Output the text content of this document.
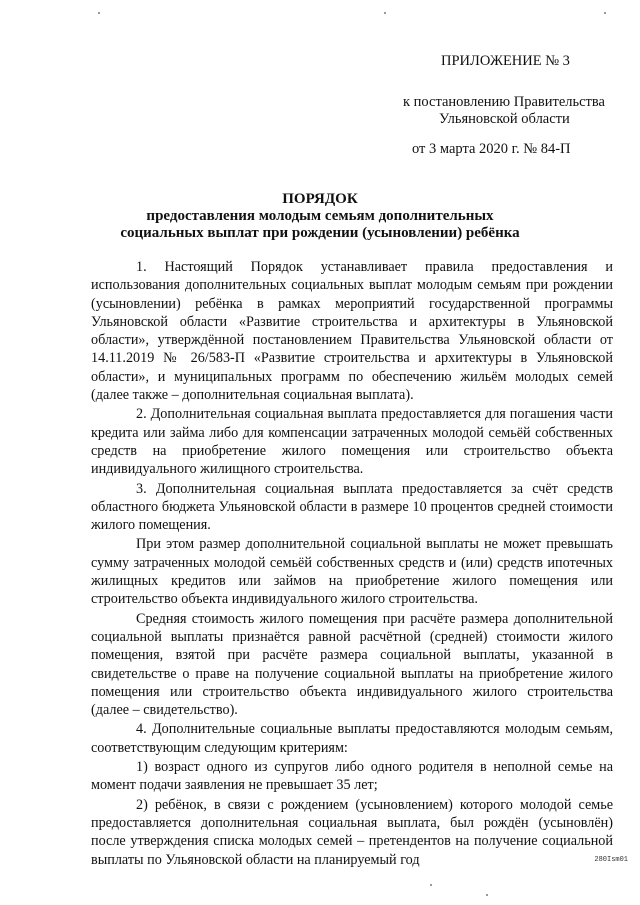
ПРИЛОЖЕНИЕ № 3
к постановлению Правительства
Ульяновской области
от 3 марта 2020 г. № 84-П
ПОРЯДОК
предоставления молодым семьям дополнительных
социальных выплат при рождении (усыновлении) ребёнка

1. Настоящий Порядок устанавливает правила предоставления и использования дополнительных социальных выплат молодым семьям при рождении (усыновлении) ребёнка в рамках мероприятий государственной программы Ульяновской области «Развитие строительства и архитектуры в Ульяновской области», утверждённой постановлением Правительства Ульяновской области от 14.11.2019 № 26/583-П «Развитие строительства и архитектуры в Ульяновской области», и муниципальных программ по обеспечению жильём молодых семей (далее также – дополнительная социальная выплата).

2. Дополнительная социальная выплата предоставляется для погашения части кредита или займа либо для компенсации затраченных молодой семьёй собственных средств на приобретение жилого помещения или строительство объекта индивидуального жилищного строительства.

3. Дополнительная социальная выплата предоставляется за счёт средств областного бюджета Ульяновской области в размере 10 процентов средней стоимости жилого помещения.

При этом размер дополнительной социальной выплаты не может превышать сумму затраченных молодой семьёй собственных средств и (или) средств ипотечных жилищных кредитов или займов на приобретение жилого помещения или строительство объекта индивидуального жилого строительства.

Средняя стоимость жилого помещения при расчёте размера дополнительной социальной выплаты признаётся равной расчётной (средней) стоимости жилого помещения, взятой при расчёте размера социальной выплаты, указанной в свидетельстве о праве на получение социальной выплаты на приобретение жилого помещения или строительство объекта индивидуального жилого строительства (далее – свидетельство).

4. Дополнительные социальные выплаты предоставляются молодым семьям, соответствующим следующим критериям:

1) возраст одного из супругов либо одного родителя в неполной семье на момент подачи заявления не превышает 35 лет;

2) ребёнок, в связи с рождением (усыновлением) которого молодой семье предоставляется дополнительная социальная выплата, был рождён (усыновлён) после утверждения списка молодых семей – претендентов на получение социальной выплаты по Ульяновской области на планируемый год	280Ism01
